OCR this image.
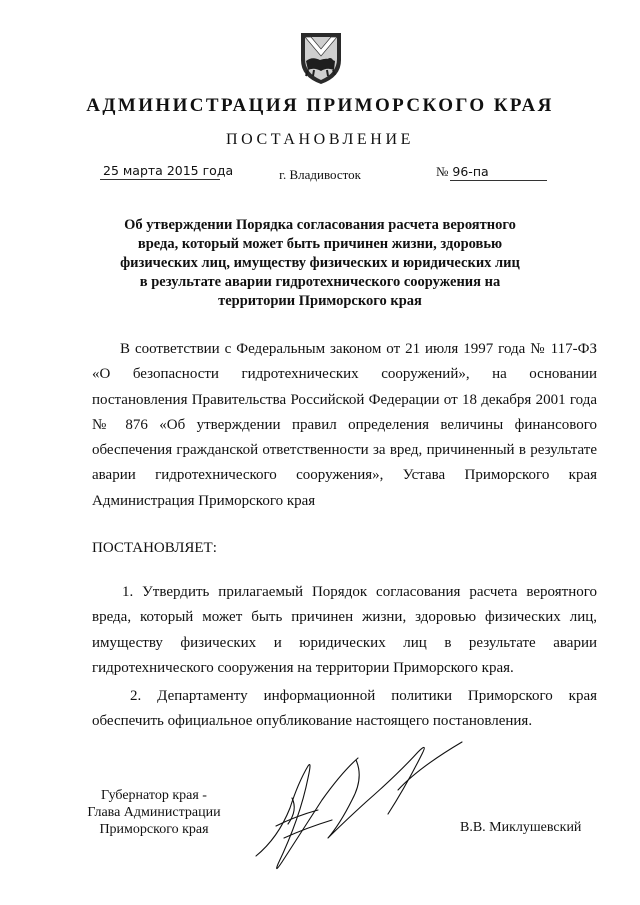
АДМИНИСТРАЦИЯ ПРИМОРСКОГО КРАЯ
ПОСТАНОВЛЕНИЕ
25 марта 2015 года	г. Владивосток	№ 96-па
Об утверждении Порядка согласования расчета вероятного вреда, который может быть причинен жизни, здоровью физических лиц, имуществу физических и юридических лиц в результате аварии гидротехнического сооружения на территории Приморского края
В соответствии с Федеральным законом от 21 июля 1997 года № 117-ФЗ «О безопасности гидротехнических сооружений», на основании постановления Правительства Российской Федерации от 18 декабря 2001 года № 876 «Об утверждении правил определения величины финансового обеспечения гражданской ответственности за вред, причиненный в результате аварии гидротехнического сооружения», Устава Приморского края Администрация Приморского края
ПОСТАНОВЛЯЕТ:
1. Утвердить прилагаемый Порядок согласования расчета вероятного вреда, который может быть причинен жизни, здоровью физических лиц, имуществу физических и юридических лиц в результате аварии гидротехнического сооружения на территории Приморского края.
2. Департаменту информационной политики Приморского края обеспечить официальное опубликование настоящего постановления.
Губернатор края -
Глава Администрации
Приморского края	В.В. Миклушевский
